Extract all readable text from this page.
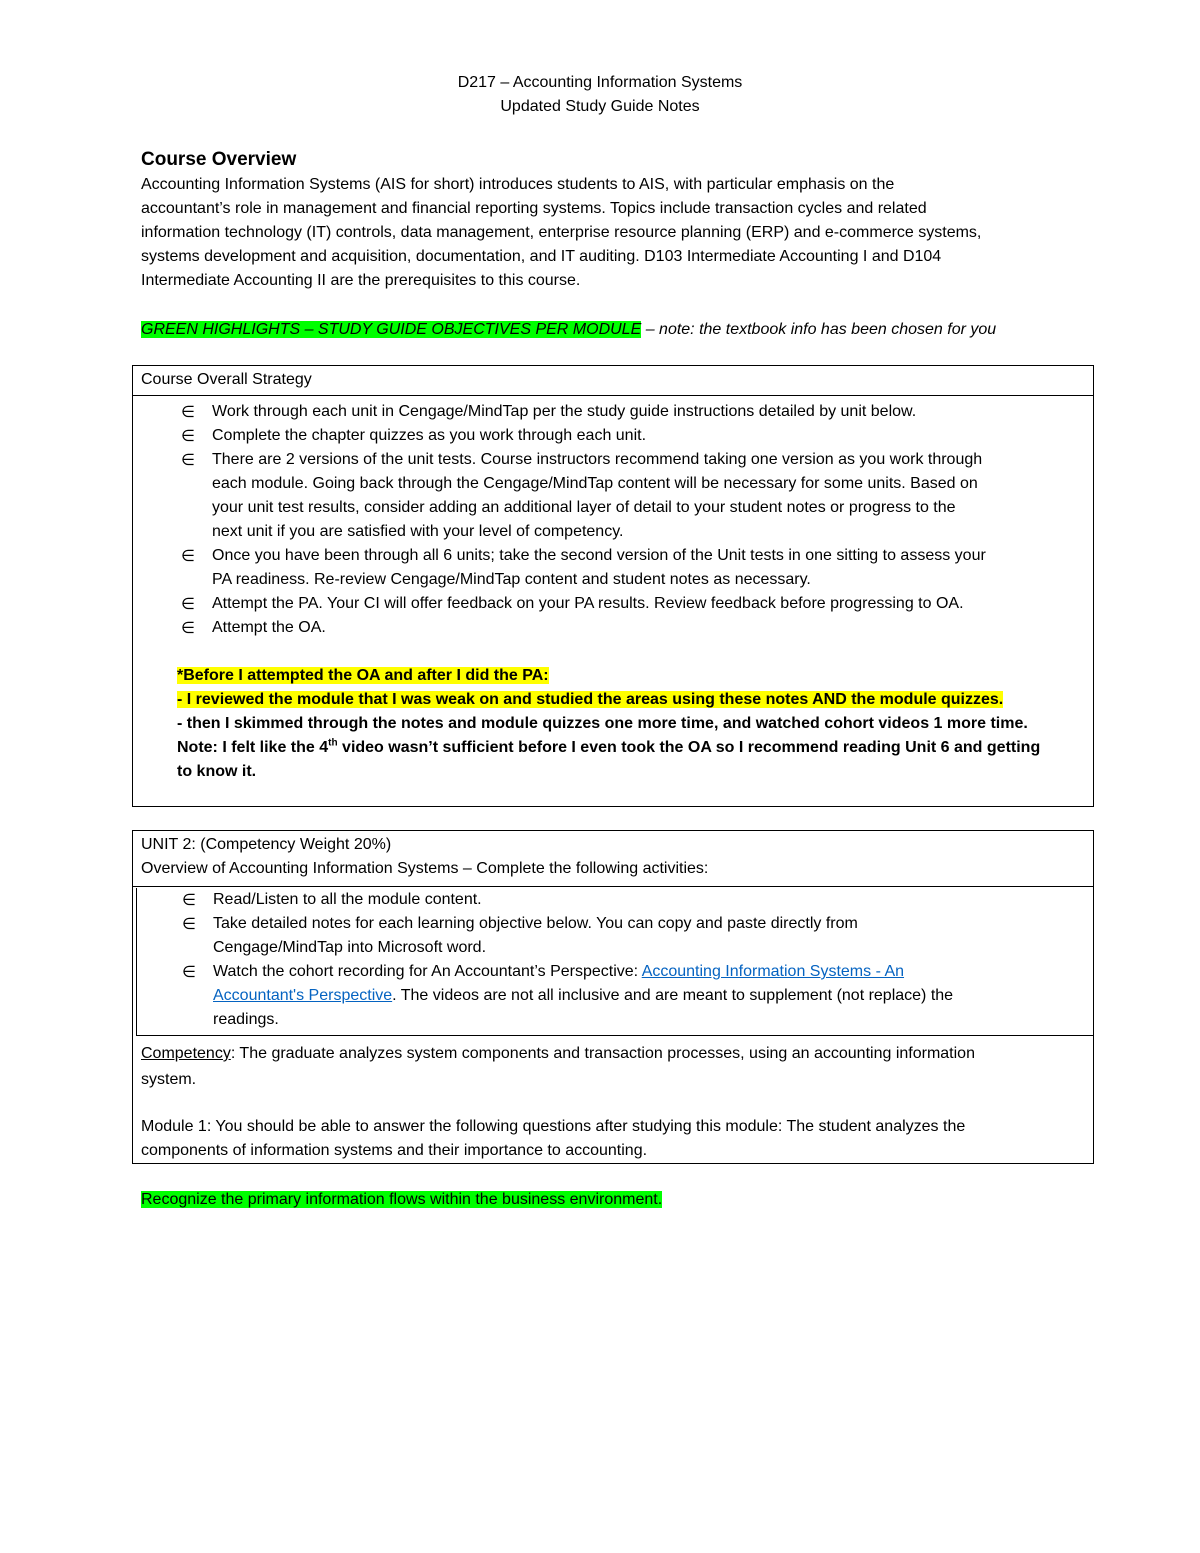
D217 – Accounting Information Systems
Updated Study Guide Notes
Course Overview

Accounting Information Systems (AIS for short) introduces students to AIS, with particular emphasis on the

accountant’s role in management and financial reporting systems. Topics include transaction cycles and related

information technology (IT) controls, data management, enterprise resource planning (ERP) and e-commerce systems,

systems development and acquisition, documentation, and IT auditing. D103 Intermediate Accounting I and D104

Intermediate Accounting II are the prerequisites to this course.

GREEN HIGHLIGHTS – STUDY GUIDE OBJECTIVES PER MODULE – note: the textbook info has been chosen for you
Course Overall Strategy
∈ Work through each unit in Cengage/MindTap per the study guide instructions detailed by unit below.
∈ Complete the chapter quizzes as you work through each unit.
∈ There are 2 versions of the unit tests. Course instructors recommend taking one version as you work through
each module. Going back through the Cengage/MindTap content will be necessary for some units. Based on
your unit test results, consider adding an additional layer of detail to your student notes or progress to the
next unit if you are satisfied with your level of competency.
∈ Once you have been through all 6 units; take the second version of the Unit tests in one sitting to assess your
PA readiness. Re-review Cengage/MindTap content and student notes as necessary.
∈ Attempt the PA. Your CI will offer feedback on your PA results. Review feedback before progressing to OA.
∈ Attempt the OA.

*Before I attempted the OA and after I did the PA:

- I reviewed the module that I was weak on and studied the areas using these notes AND the module quizzes.

- then I skimmed through the notes and module quizzes one more time, and watched cohort videos 1 more time.

Note: I felt like the 4th video wasn’t sufficient before I even took the OA so I recommend reading Unit 6 and getting

to know it.

UNIT 2: (Competency Weight 20%)
Overview of Accounting Information Systems – Complete the following activities:
∈ Read/Listen to all the module content.
∈ Take detailed notes for each learning objective below. You can copy and paste directly from
Cengage/MindTap into Microsoft word.
∈ Watch the cohort recording for An Accountant’s Perspective: Accounting Information Systems - An
Accountant's Perspective. The videos are not all inclusive and are meant to supplement (not replace) the
readings.
Competency: The graduate analyzes system components and transaction processes, using an accounting information
system.
Module 1: You should be able to answer the following questions after studying this module: The student analyzes the
components of information systems and their importance to accounting.
Recognize the primary information flows within the business environment.
